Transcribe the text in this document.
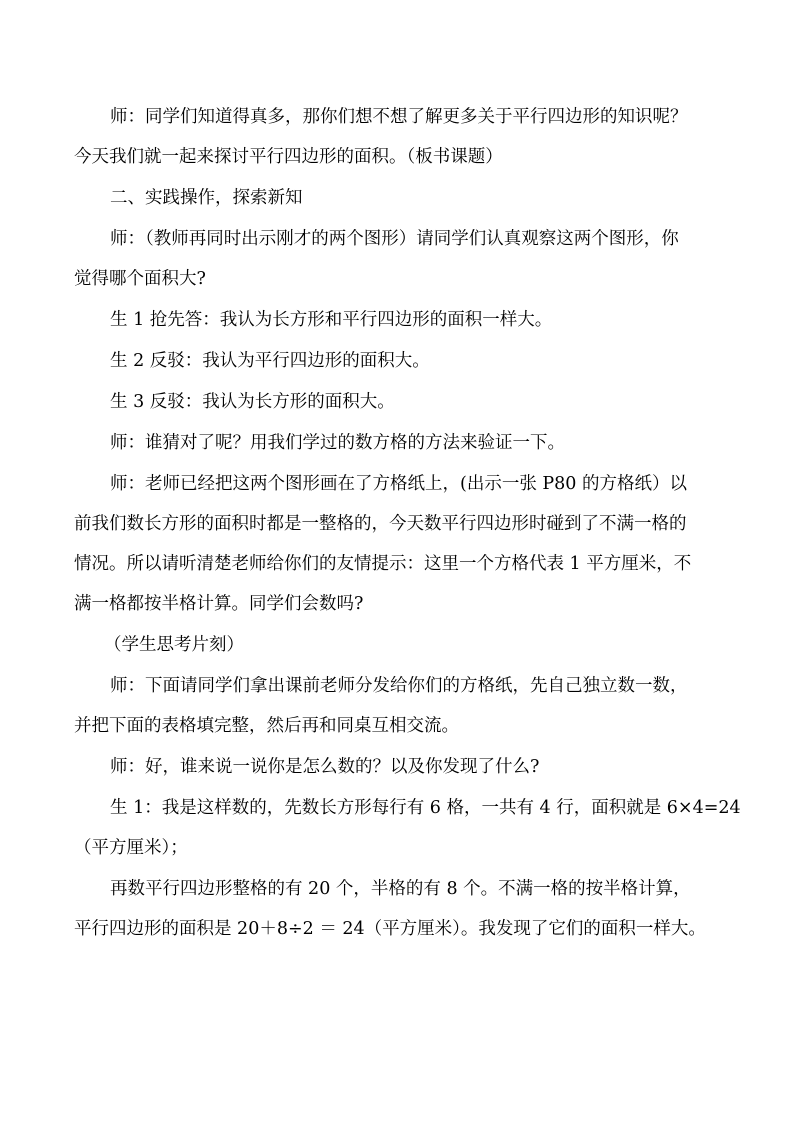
师：同学们知道得真多，那你们想不想了解更多关于平行四边形的知识呢？
今天我们就一起来探讨平行四边形的面积。（板书课题）
二、实践操作，探索新知
师：（教师再同时出示刚才的两个图形）请同学们认真观察这两个图形，你
觉得哪个面积大?
生 1 抢先答：我认为长方形和平行四边形的面积一样大。
生 2 反驳：我认为平行四边形的面积大。
生 3 反驳：我认为长方形的面积大。
师：谁猜对了呢？用我们学过的数方格的方法来验证一下。
师：老师已经把这两个图形画在了方格纸上，(出示一张 P80 的方格纸）以
前我们数长方形的面积时都是一整格的，今天数平行四边形时碰到了不满一格的
情况。所以请听清楚老师给你们的友情提示：这里一个方格代表 1 平方厘米，不
满一格都按半格计算。同学们会数吗?
（学生思考片刻）
师：下面请同学们拿出课前老师分发给你们的方格纸，先自己独立数一数，
并把下面的表格填完整，然后再和同桌互相交流。
师：好，谁来说一说你是怎么数的？以及你发现了什么?
生 1：我是这样数的，先数长方形每行有 6 格，一共有 4 行，面积就是 6×4=24
（平方厘米）；
再数平行四边形整格的有 20 个，半格的有 8 个。不满一格的按半格计算，
平行四边形的面积是 20＋8÷2 ＝ 24（平方厘米）。我发现了它们的面积一样大。
